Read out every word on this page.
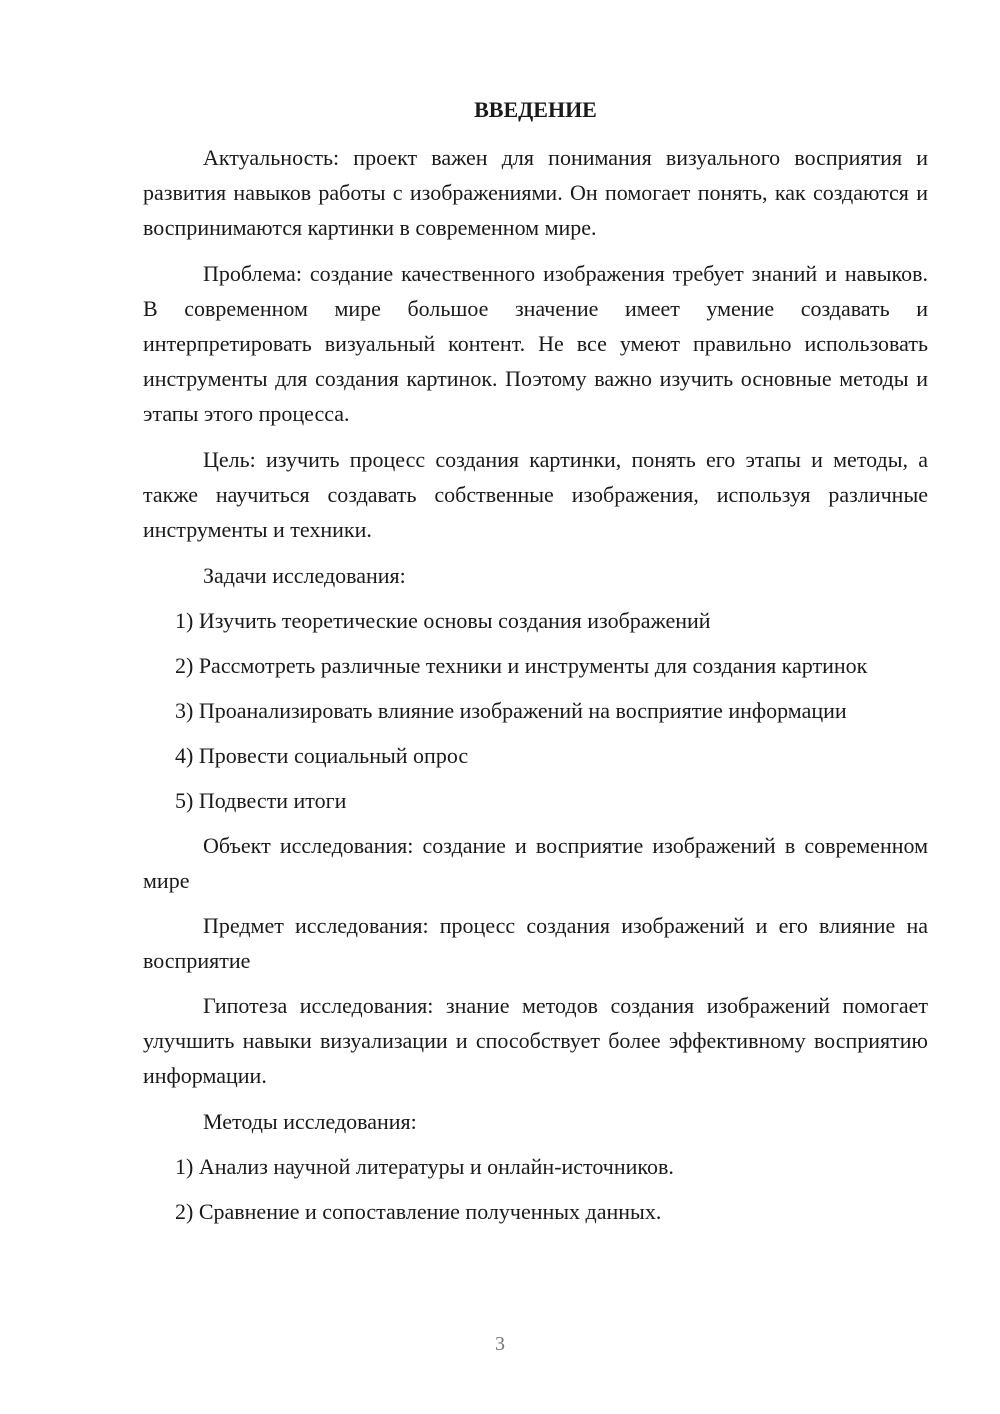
ВВЕДЕНИЕ

Актуальность: проект важен для понимания визуального восприятия и развития навыков работы с изображениями. Он помогает понять, как создаются и воспринимаются картинки в современном мире.

Проблема: создание качественного изображения требует знаний и навыков. В современном мире большое значение имеет умение создавать и интерпретировать визуальный контент. Не все умеют правильно использовать инструменты для создания картинок. Поэтому важно изучить основные методы и этапы этого процесса.

Цель: изучить процесс создания картинки, понять его этапы и методы, а также научиться создавать собственные изображения, используя различные инструменты и техники.

Задачи исследования:

1) Изучить теоретические основы создания изображений

2) Рассмотреть различные техники и инструменты для создания картинок

3) Проанализировать влияние изображений на восприятие информации

4) Провести социальный опрос

5) Подвести итоги

Объект исследования: создание и восприятие изображений в современном мире

Предмет исследования: процесс создания изображений и его влияние на восприятие

Гипотеза исследования: знание методов создания изображений помогает улучшить навыки визуализации и способствует более эффективному восприятию информации.

Методы исследования:

1) Анализ научной литературы и онлайн-источников.

2) Сравнение и сопоставление полученных данных.

3
